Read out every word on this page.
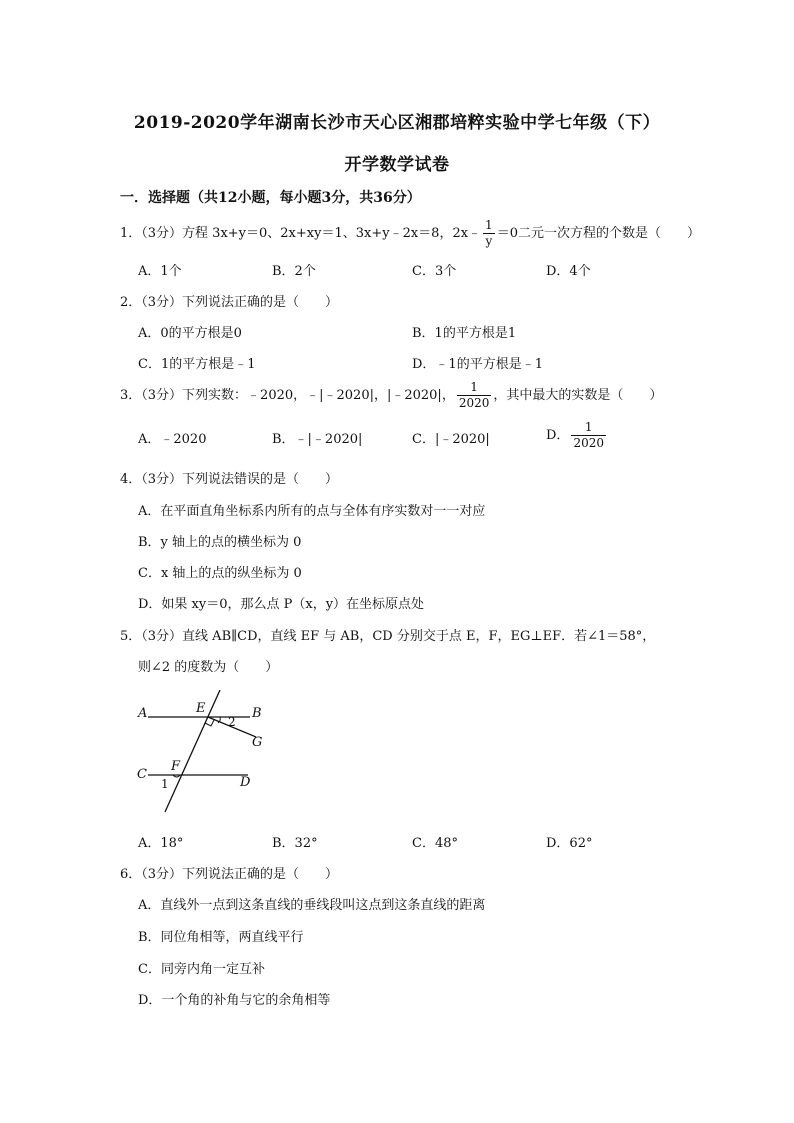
2019-2020学年湖南长沙市天心区湘郡培粹实验中学七年级（下）
开学数学试卷
一．选择题（共12小题，每小题3分，共36分）
1．（3分）方程 3x+y＝0、2x+xy＝1、3x+y﹣2x＝8，2x﹣ $\frac{1}{y} =0$二元一次方程的个数是（　　）
A．1个	B．2个	C．3个	D．4个
2．（3分）下列说法正确的是（　　）
A．0的平方根是0	B．1的平方根是1
C．1的平方根是﹣1	D．﹣1的平方根是﹣1
3．（3分）下列实数：﹣2020，﹣|﹣2020|，|﹣2020|， $\frac{1}{2020}$ ，其中最大的实数是（　　）
A．﹣2020	B．﹣|﹣2020|	C．|﹣2020|	D． $\frac{1}{2020}$
4．（3分）下列说法错误的是（　　）
A．在平面直角坐标系内所有的点与全体有序实数对一一对应
B．y 轴上的点的横坐标为 0
C．x 轴上的点的纵坐标为 0
D．如果 xy＝0，那么点 P（x，y）在坐标原点处
5．（3分）直线 AB∥CD，直线 EF 与 AB，CD 分别交于点 E，F，EG⊥EF．若∠1＝58°，
则∠2 的度数为（　　）
A	B
C
D
E
F
G
1
2
A．18°	B．32°	C．48°	D．62°
6．（3分）下列说法正确的是（　　）
A．直线外一点到这条直线的垂线段叫这点到这条直线的距离
B．同位角相等，两直线平行
C．同旁内角一定互补
D．一个角的补角与它的余角相等
